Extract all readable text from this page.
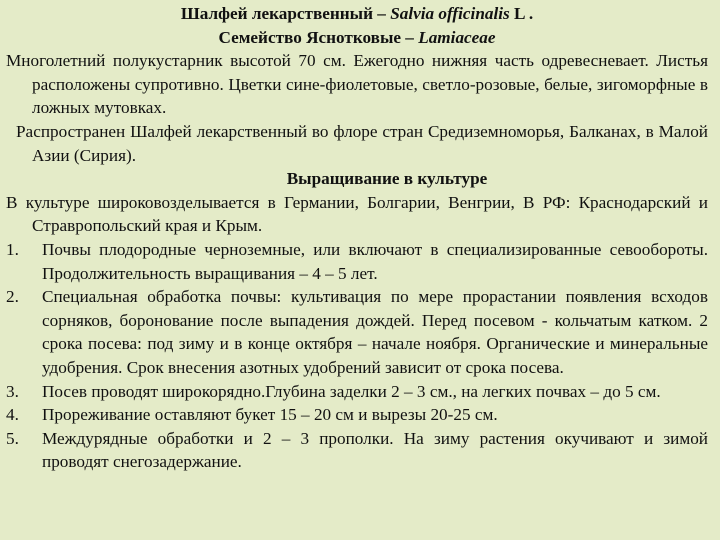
Шалфей лекарственный – Salvia officinalis L .
Семейство Яснотковые – Lamiaceae

Многолетний полукустарник высотой 70 см. Ежегодно нижняя часть одревесневает. Листья расположены супротивно. Цветки сине-фиолетовые, светло-розовые, белые, зигоморфные в ложных мутовках.

Распространен Шалфей лекарственный во флоре стран Средиземноморья, Балканах, в Малой Азии (Сирия).

Выращивание в культуре

В культуре широковозделывается в Германии, Болгарии, Венгрии, В РФ: Краснодарский и Стравропольский края и Крым.

1. Почвы плодородные черноземные, или включают в специализированные севообороты. Продолжительность выращивания – 4 – 5 лет.
2. Специальная обработка почвы: культивация по мере прорастании появления всходов сорняков, боронование после выпадения дождей. Перед посевом - кольчатым катком. 2 срока посева: под зиму и в конце октября – начале ноября. Органические и минеральные удобрения. Срок внесения азотных удобрений зависит от срока посева.
3. Посев проводят широкорядно.Глубина заделки 2 – 3 см., на легких почвах – до 5 см.
4. Прореживание оставляют букет 15 – 20 см и вырезы 20-25 см.
5. Междурядные обработки и 2 – 3 прополки. На зиму растения окучивают и зимой проводят снегозадержание.
